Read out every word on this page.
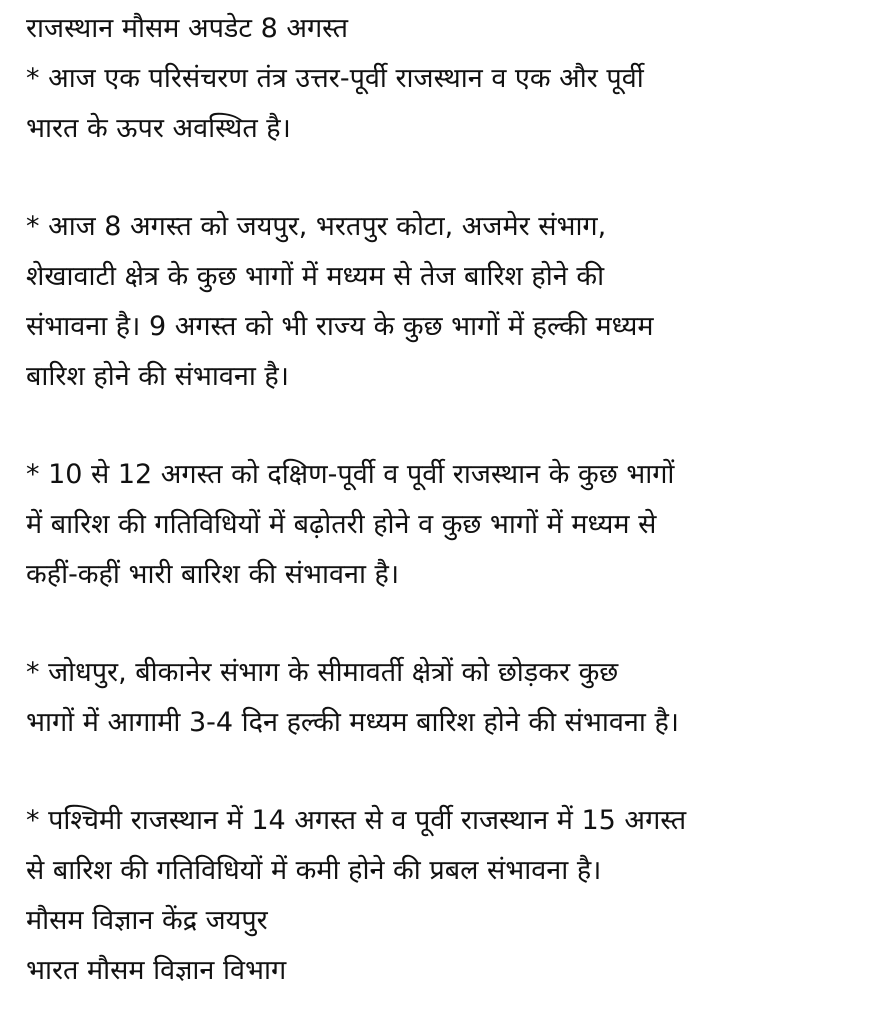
राजस्थान मौसम अपडेट 8 अगस्त
* आज एक परिसंचरण तंत्र उत्तर-पूर्वी राजस्थान व एक और पूर्वी
भारत के ऊपर अवस्थित है।
* आज 8 अगस्त को जयपुर, भरतपुर कोटा, अजमेर संभाग,
शेखावाटी क्षेत्र के कुछ भागों में मध्यम से तेज बारिश होने की
संभावना है। 9 अगस्त को भी राज्य के कुछ भागों में हल्की मध्यम
बारिश होने की संभावना है।
* 10 से 12 अगस्त को दक्षिण-पूर्वी व पूर्वी राजस्थान के कुछ भागों
में बारिश की गतिविधियों में बढ़ोतरी होने व कुछ भागों में मध्यम से
कहीं-कहीं भारी बारिश की संभावना है।
* जोधपुर, बीकानेर संभाग के सीमावर्ती क्षेत्रों को छोड़कर कुछ
भागों में आगामी 3-4 दिन हल्की मध्यम बारिश होने की संभावना है।
* पश्चिमी राजस्थान में 14 अगस्त से व पूर्वी राजस्थान में 15 अगस्त
से बारिश की गतिविधियों में कमी होने की प्रबल संभावना है।
मौसम विज्ञान केंद्र जयपुर
भारत मौसम विज्ञान विभाग
